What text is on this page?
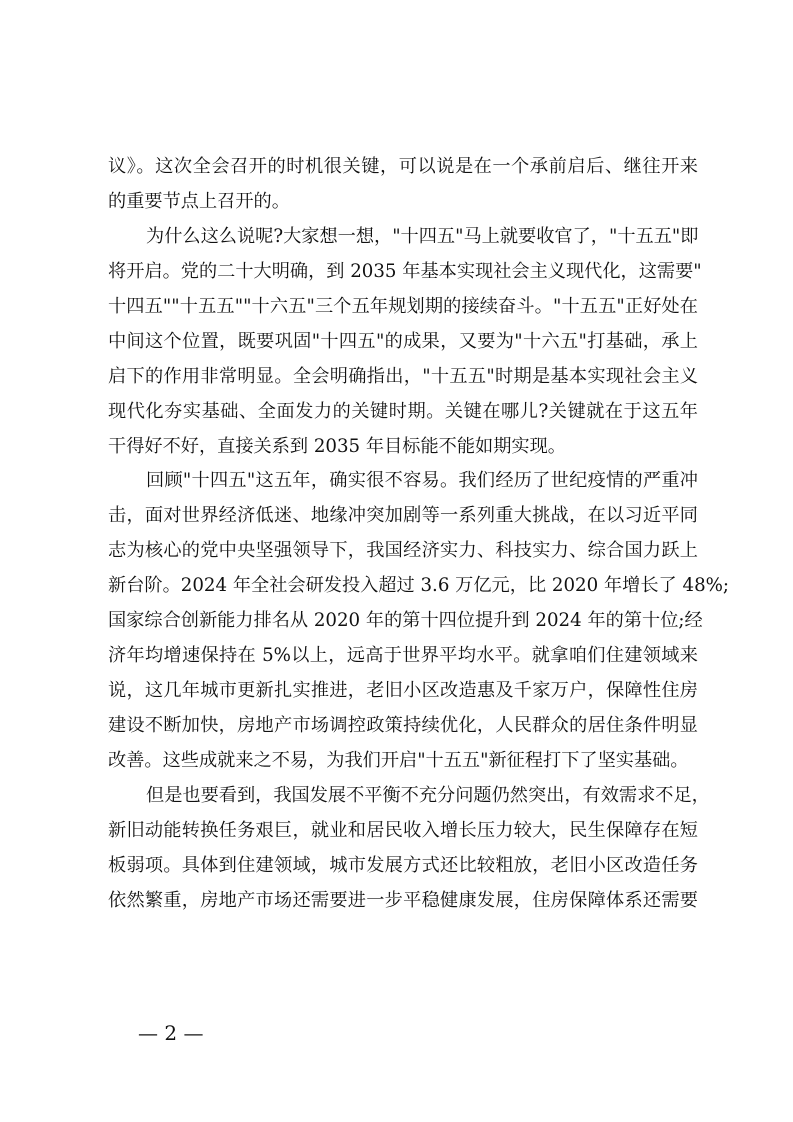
议》。这次全会召开的时机很关键，可以说是在一个承前启后、继往开来
的重要节点上召开的。
为什么这么说呢?大家想一想，"十四五"马上就要收官了，"十五五"即
将开启。党的二十大明确，到 2035 年基本实现社会主义现代化，这需要"
十四五""十五五""十六五"三个五年规划期的接续奋斗。"十五五"正好处在
中间这个位置，既要巩固"十四五"的成果，又要为"十六五"打基础，承上
启下的作用非常明显。全会明确指出，"十五五"时期是基本实现社会主义
现代化夯实基础、全面发力的关键时期。关键在哪儿?关键就在于这五年
干得好不好，直接关系到 2035 年目标能不能如期实现。
回顾"十四五"这五年，确实很不容易。我们经历了世纪疫情的严重冲
击，面对世界经济低迷、地缘冲突加剧等一系列重大挑战，在以习近平同
志为核心的党中央坚强领导下，我国经济实力、科技实力、综合国力跃上
新台阶。2024 年全社会研发投入超过 3.6 万亿元，比 2020 年增长了 48%;
国家综合创新能力排名从 2020 年的第十四位提升到 2024 年的第十位;经
济年均增速保持在 5%以上，远高于世界平均水平。就拿咱们住建领域来
说，这几年城市更新扎实推进，老旧小区改造惠及千家万户，保障性住房
建设不断加快，房地产市场调控政策持续优化，人民群众的居住条件明显
改善。这些成就来之不易，为我们开启"十五五"新征程打下了坚实基础。
但是也要看到，我国发展不平衡不充分问题仍然突出，有效需求不足，
新旧动能转换任务艰巨，就业和居民收入增长压力较大，民生保障存在短
板弱项。具体到住建领域，城市发展方式还比较粗放，老旧小区改造任务
依然繁重，房地产市场还需要进一步平稳健康发展，住房保障体系还需要
— 2 —
